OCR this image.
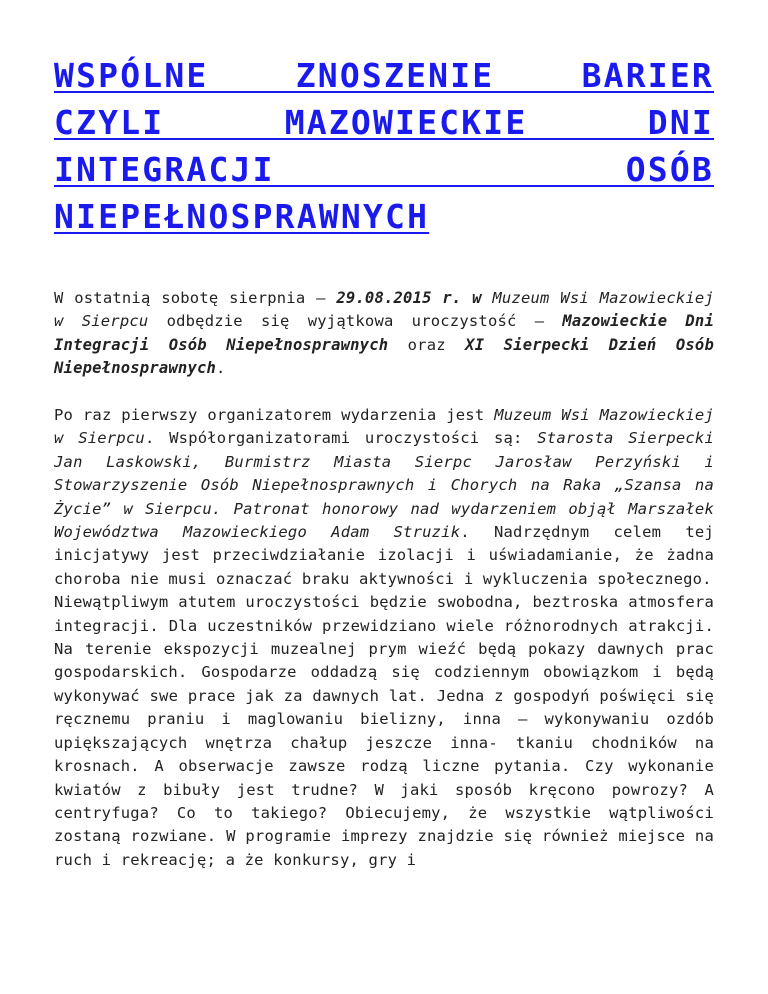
WSPÓLNE ZNOSZENIE BARIER CZYLI MAZOWIECKIE DNI INTEGRACJI OSÓB NIEPEŁNOSPRAWNYCH

W ostatnią sobotę sierpnia – 29.08.2015 r. w Muzeum Wsi Mazowieckiej w Sierpcu odbędzie się wyjątkowa uroczystość – Mazowieckie Dni Integracji Osób Niepełnosprawnych oraz XI Sierpecki Dzień Osób Niepełnosprawnych.

Po raz pierwszy organizatorem wydarzenia jest Muzeum Wsi Mazowieckiej w Sierpcu. Współorganizatorami uroczystości są: Starosta Sierpecki Jan Laskowski, Burmistrz Miasta Sierpc Jarosław Perzyński i Stowarzyszenie Osób Niepełnosprawnych i Chorych na Raka „Szansa na Życie” w Sierpcu. Patronat honorowy nad wydarzeniem objął Marszałek Województwa Mazowieckiego Adam Struzik. Nadrzędnym celem tej inicjatywy jest przeciwdziałanie izolacji i uświadamianie, że żadna choroba nie musi oznaczać braku aktywności i wykluczenia społecznego.

Niewątpliwym atutem uroczystości będzie swobodna, beztroska atmosfera integracji. Dla uczestników przewidziano wiele różnorodnych atrakcji. Na terenie ekspozycji muzealnej prym wieźć będą pokazy dawnych prac gospodarskich. Gospodarze oddadzą się codziennym obowiązkom i będą wykonywać swe prace jak za dawnych lat. Jedna z gospodyń poświęci się ręcznemu praniu i maglowaniu bielizny, inna – wykonywaniu ozdób upiększających wnętrza chałup jeszcze inna- tkaniu chodników na krosnach. A obserwacje zawsze rodzą liczne pytania. Czy wykonanie kwiatów z bibuły jest trudne? W jaki sposób kręcono powrozy? A centryfuga? Co to takiego? Obiecujemy, że wszystkie wątpliwości zostaną rozwiane. W programie imprezy znajdzie się również miejsce na ruch i rekreację; a że konkursy, gry i
